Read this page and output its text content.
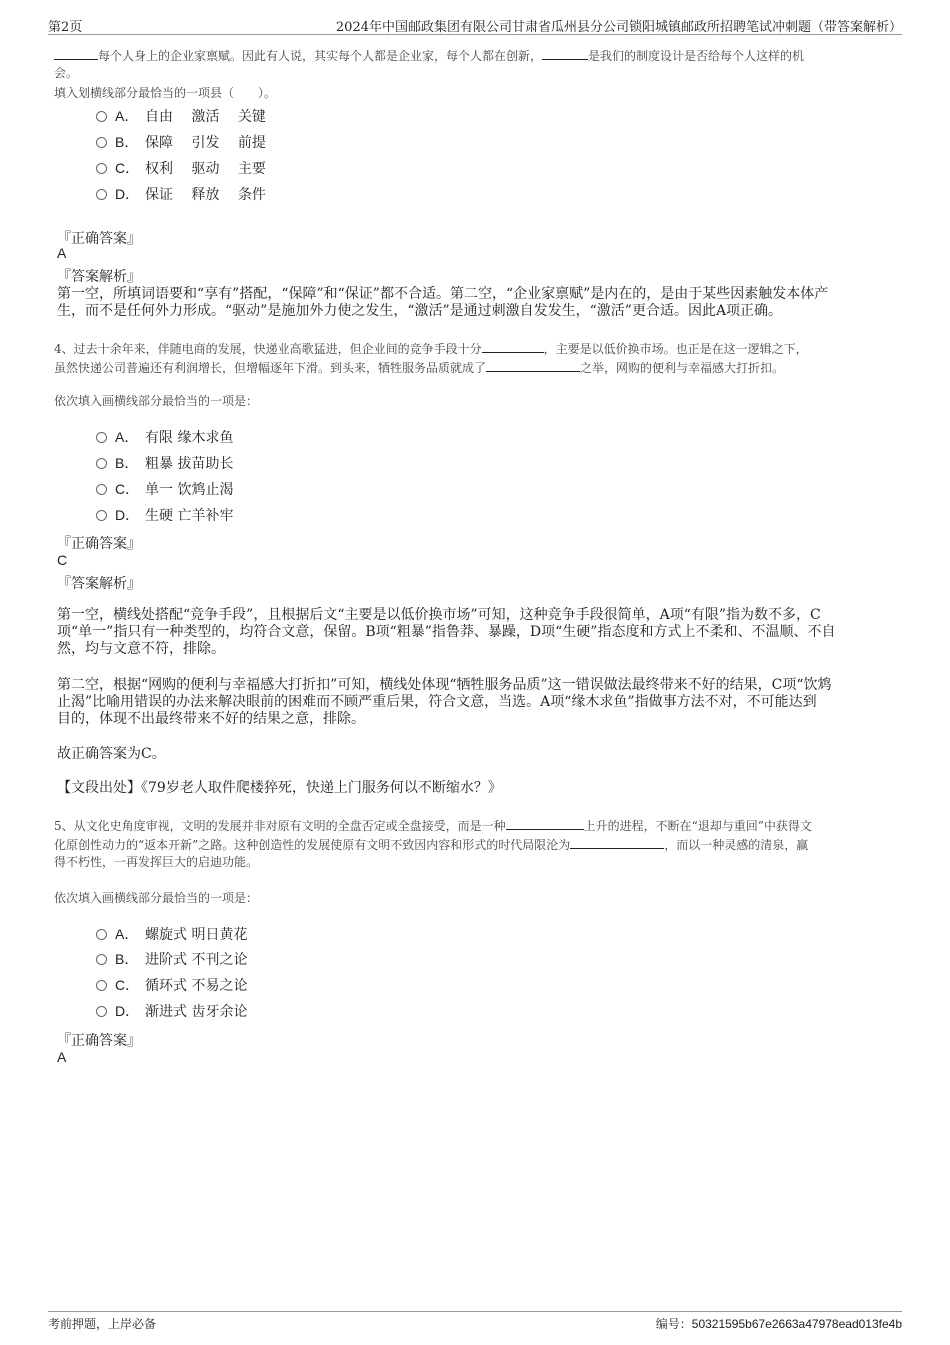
第2页	2024年中国邮政集团有限公司甘肃省瓜州县分公司锁阳城镇邮政所招聘笔试冲刺题（带答案解析）
每个人身上的企业家禀赋。因此有人说，其实每个人都是企业家，每个人都在创新，	是我们的制度设计是否给每个人这样的机
会。
填入划横线部分最恰当的一项县（　　）。
A． 自由　 激活　 关键
B． 保障　 引发　 前提
C． 权利　 驱动　 主要
D． 保证　 释放　 条件
『正确答案』
A
『答案解析』
第一空，所填词语要和“享有”搭配，“保障”和“保证”都不合适。第二空，“企业家禀赋”是内在的，是由于某些因素触发本体产
生，而不是任何外力形成。“驱动”是施加外力使之发生，“激活”是通过刺激自发发生，“激活”更合适。因此A项正确。
4、过去十余年来，伴随电商的发展，快递业高歌猛进，但企业间的竞争手段十分	，主要是以低价换市场。也正是在这一逻辑之下，
虽然快递公司普遍还有利润增长，但增幅逐年下滑。到头来，牺牲服务品质就成了	之举，网购的便利与幸福感大打折扣。
依次填入画横线部分最恰当的一项是：
A． 有限 缘木求鱼
B． 粗暴 拔苗助长
C． 单一 饮鸩止渴
D． 生硬 亡羊补牢
『正确答案』
C
『答案解析』
第一空，横线处搭配“竞争手段”，且根据后文“主要是以低价换市场”可知，这种竞争手段很简单，A项“有限”指为数不多，C
项“单一”指只有一种类型的，均符合文意，保留。B项“粗暴”指鲁莽、暴躁，D项“生硬”指态度和方式上不柔和、不温顺、不自
然，均与文意不符，排除。
第二空，根据“网购的便利与幸福感大打折扣”可知，横线处体现“牺牲服务品质”这一错误做法最终带来不好的结果，C项“饮鸩
止渴”比喻用错误的办法来解决眼前的困难而不顾严重后果，符合文意，当选。A项“缘木求鱼”指做事方法不对，不可能达到
目的，体现不出最终带来不好的结果之意，排除。
故正确答案为C。
【文段出处】《79岁老人取件爬楼猝死，快递上门服务何以不断缩水？》
5、从文化史角度审视，文明的发展并非对原有文明的全盘否定或全盘接受，而是一种	上升的进程，不断在“退却与重回”中获得文
化原创性动力的“返本开新”之路。这种创造性的发展使原有文明不致因内容和形式的时代局限沦为	，而以一种灵感的清泉，赢
得不朽性，一再发挥巨大的启迪功能。
依次填入画横线部分最恰当的一项是：
A． 螺旋式 明日黄花
B． 进阶式 不刊之论
C． 循环式 不易之论
D． 渐进式 齿牙余论
『正确答案』
A
考前押题，上岸必备	编号：50321595b67e2663a47978ead013fe4b
